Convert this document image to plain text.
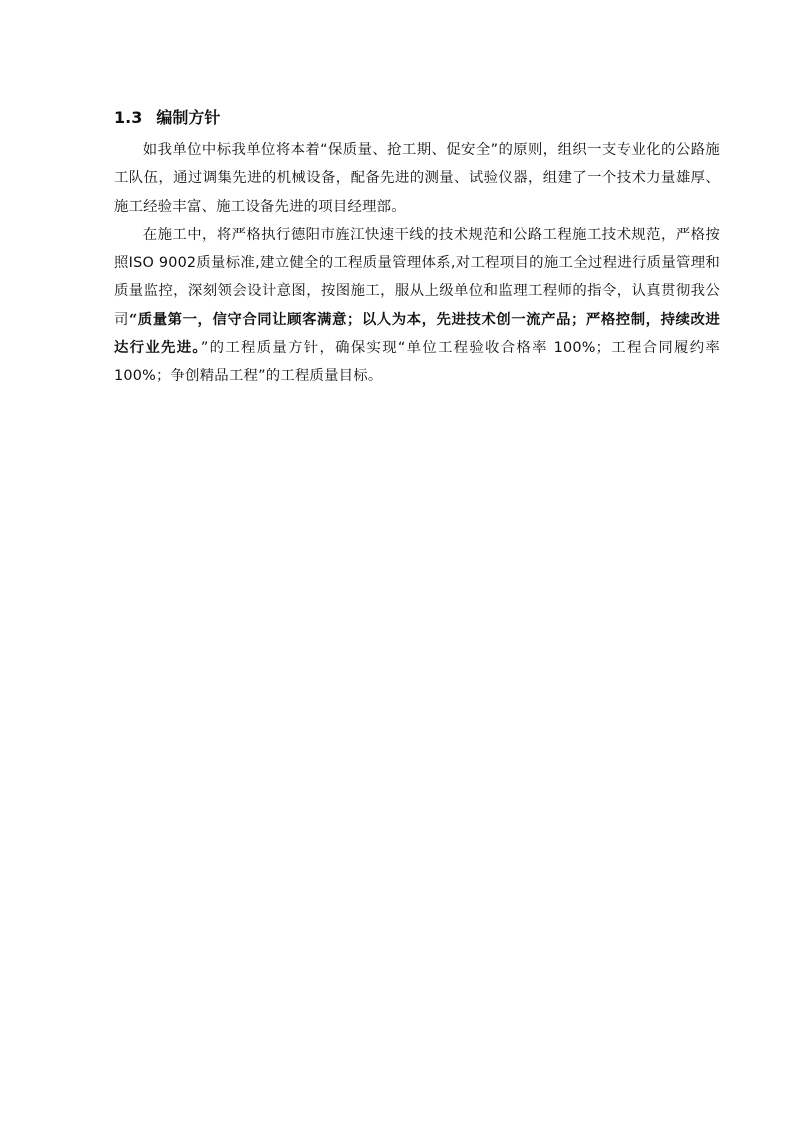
1.3 编制方针

如我单位中标我单位将本着“保质量、抢工期、促安全”的原则，组织一支专业化的公路施工队伍，通过调集先进的机械设备，配备先进的测量、试验仪器，组建了一个技术力量雄厚、施工经验丰富、施工设备先进的项目经理部。

在施工中，将严格执行德阳市旌江快速干线的技术规范和公路工程施工技术规范，严格按照ISO 9002质量标准,建立健全的工程质量管理体系,对工程项目的施工全过程进行质量管理和质量监控，深刻领会设计意图，按图施工，服从上级单位和监理工程师的指令，认真贯彻我公司“质量第一，信守合同让顾客满意；以人为本，先进技术创一流产品；严格控制，持续改进达行业先进。”的工程质量方针，确保实现“单位工程验收合格率 100%；工程合同履约率 100%；争创精品工程”的工程质量目标。
